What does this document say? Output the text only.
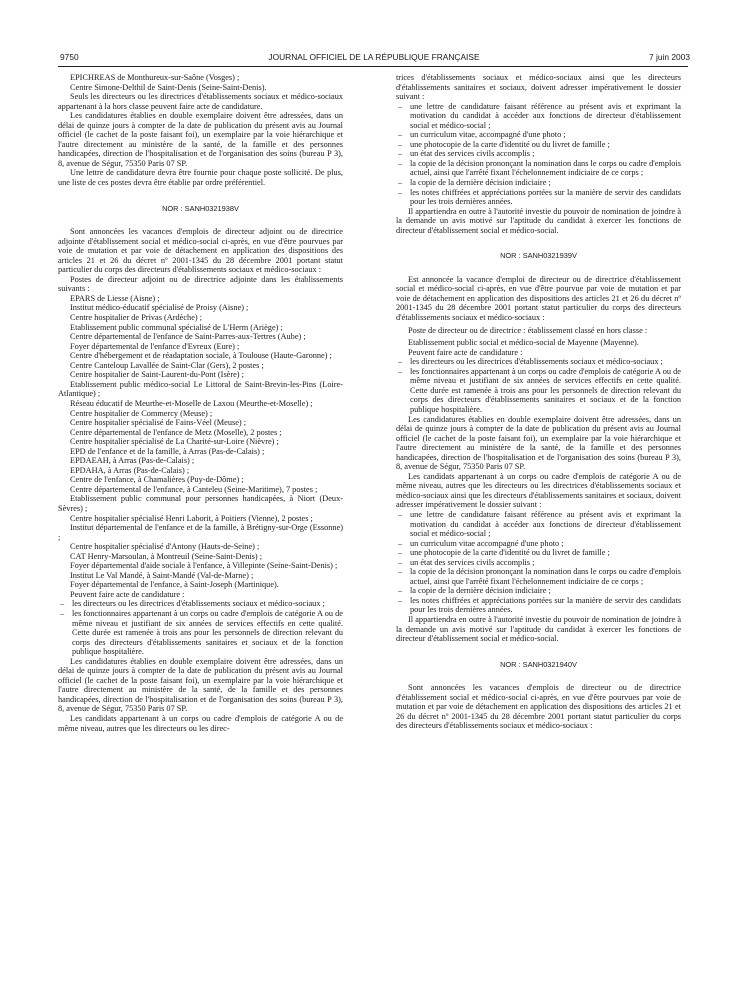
9750	JOURNAL OFFICIEL DE LA RÉPUBLIQUE FRANÇAISE	7 juin 2003

EPICHREAS de Monthureux-sur-Saône (Vosges) ;

Centre Simone-Delthil de Saint-Denis (Seine-Saint-Denis).

Seuls les directeurs ou les directrices d'établissements sociaux et médico-sociaux appartenant à la hors classe peuvent faire acte de candidature.

Les candidatures établies en double exemplaire doivent être adressées, dans un délai de quinze jours à compter de la date de publication du présent avis au Journal officiel (le cachet de la poste faisant foi), un exemplaire par la voie hiérarchique et l'autre directement au ministère de la santé, de la famille et des personnes handicapées, direction de l'hospitalisation et de l'organisation des soins (bureau P 3), 8, avenue de Ségur, 75350 Paris 07 SP.

Une lettre de candidature devra être fournie pour chaque poste sollicité. De plus, une liste de ces postes devra être établie par ordre préférentiel.

NOR : SANH0321938V

Sont annoncées les vacances d'emplois de directeur adjoint ou de directrice adjointe d'établissement social et médico-social ci-après, en vue d'être pourvues par voie de mutation et par voie de détachement en application des dispositions des articles 21 et 26 du décret nº 2001-1345 du 28 décembre 2001 portant statut particulier du corps des directeurs d'établissements sociaux et médico-sociaux :

Postes de directeur adjoint ou de directrice adjointe dans les établissements suivants :

EPARS de Liesse (Aisne) ;

Institut médico-éducatif spécialisé de Proisy (Aisne) ;

Centre hospitalier de Privas (Ardèche) ;

Etablissement public communal spécialisé de L'Herm (Ariège) ;

Centre départemental de l'enfance de Saint-Parres-aux-Tertres (Aube) ;

Foyer départemental de l'enfance d'Evreux (Eure) ;

Centre d'hébergement et de réadaptation sociale, à Toulouse (Haute-Garonne) ;

Centre Canteloup Lavallée de Saint-Clar (Gers), 2 postes ;

Centre hospitalier de Saint-Laurent-du-Pont (Isère) ;

Etablissement public médico-social Le Littoral de Saint-Brevin-les-Pins (Loire-Atlantique) ;

Réseau éducatif de Meurthe-et-Moselle de Laxou (Meurthe-et-Moselle) ;

Centre hospitalier de Commercy (Meuse) ;

Centre hospitalier spécialisé de Fains-Véel (Meuse) ;

Centre départemental de l'enfance de Metz (Moselle), 2 postes ;

Centre hospitalier spécialisé de La Charité-sur-Loire (Nièvre) ;

EPD de l'enfance et de la famille, à Arras (Pas-de-Calais) ;

EPDAEAH, à Arras (Pas-de-Calais) ;

EPDAHA, à Arras (Pas-de-Calais) ;

Centre de l'enfance, à Chamalières (Puy-de-Dôme) ;

Centre départemental de l'enfance, à Canteleu (Seine-Maritime), 7 postes ;

Etablissement public communal pour personnes handicapées, à Niort (Deux-Sèvres) ;

Centre hospitalier spécialisé Henri Laborit, à Poitiers (Vienne), 2 postes ;

Institut départemental de l'enfance et de la famille, à Brétigny-sur-Orge (Essonne) ;

Centre hospitalier spécialisé d'Antony (Hauts-de-Seine) ;

CAT Henry-Marsoulan, à Montreuil (Seine-Saint-Denis) ;

Foyer départemental d'aide sociale à l'enfance, à Villepinte (Seine-Saint-Denis) ;

Institut Le Val Mandé, à Saint-Mandé (Val-de-Marne) ;

Foyer départemental de l'enfance, à Saint-Joseph (Martinique).

Peuvent faire acte de candidature :

– les directeurs ou les directrices d'établissements sociaux et médico-sociaux ;
– les fonctionnaires appartenant à un corps ou cadre d'emplois de catégorie A ou de même niveau et justifiant de six années de services effectifs en cette qualité. Cette durée est ramenée à trois ans pour les personnels de direction relevant du corps des directeurs d'établissements sanitaires et sociaux et de la fonction publique hospitalière.

Les candidatures établies en double exemplaire doivent être adressées, dans un délai de quinze jours à compter de la date de publication du présent avis au Journal officiel (le cachet de la poste faisant foi), un exemplaire par la voie hiérarchique et l'autre directement au ministère de la santé, de la famille et des personnes handicapées, direction de l'hospitalisation et de l'organisation des soins (bureau P 3), 8, avenue de Ségur, 75350 Paris 07 SP.

Les candidats appartenant à un corps ou cadre d'emplois de catégorie A ou de même niveau, autres que les directeurs ou les direc-

trices d'établissements sociaux et médico-sociaux ainsi que les directeurs d'établissements sanitaires et sociaux, doivent adresser impérativement le dossier suivant :

– une lettre de candidature faisant référence au présent avis et exprimant la motivation du candidat à accéder aux fonctions de directeur d'établissement social et médico-social ;
– un curriculum vitae, accompagné d'une photo ;
– une photocopie de la carte d'identité ou du livret de famille ;
– un état des services civils accomplis ;
– la copie de la décision prononçant la nomination dans le corps ou cadre d'emplois actuel, ainsi que l'arrêté fixant l'échelonnement indiciaire de ce corps ;
– la copie de la dernière décision indiciaire ;
– les notes chiffrées et appréciations portées sur la manière de servir des candidats pour les trois dernières années.

Il appartiendra en outre à l'autorité investie du pouvoir de nomination de joindre à la demande un avis motivé sur l'aptitude du candidat à exercer les fonctions de directeur d'établissement social et médico-social.

NOR : SANH0321939V

Est annoncée la vacance d'emploi de directeur ou de directrice d'établissement social et médico-social ci-après, en vue d'être pourvue par voie de mutation et par voie de détachement en application des dispositions des articles 21 et 26 du décret nº 2001-1345 du 28 décembre 2001 portant statut particulier du corps des directeurs d'établissements sociaux et médico-sociaux :

Poste de directeur ou de directrice : établissement classé en hors classe :

Etablissement public social et médico-social de Mayenne (Mayenne).

Peuvent faire acte de candidature :

– les directeurs ou les directrices d'établissements sociaux et médico-sociaux ;
– les fonctionnaires appartenant à un corps ou cadre d'emplois de catégorie A ou de même niveau et justifiant de six années de services effectifs en cette qualité. Cette durée est ramenée à trois ans pour les personnels de direction relevant du corps des directeurs d'établissements sanitaires et sociaux et de la fonction publique hospitalière.

Les candidatures établies en double exemplaire doivent être adressées, dans un délai de quinze jours à compter de la date de publication du présent avis au Journal officiel (le cachet de la poste faisant foi), un exemplaire par la voie hiérarchique et l'autre directement au ministère de la santé, de la famille et des personnes handicapées, direction de l'hospitalisation et de l'organisation des soins (bureau P 3), 8, avenue de Ségur, 75350 Paris 07 SP.

Les candidats appartenant à un corps ou cadre d'emplois de catégorie A ou de même niveau, autres que les directeurs ou les directrices d'établissements sociaux et médico-sociaux ainsi que les directeurs d'établissements sanitaires et sociaux, doivent adresser impérativement le dossier suivant :

– une lettre de candidature faisant référence au présent avis et exprimant la motivation du candidat à accéder aux fonctions de directeur d'établissement social et médico-social ;
– un curriculum vitae accompagné d'une photo ;
– une photocopie de la carte d'identité ou du livret de famille ;
– un état des services civils accomplis ;
– la copie de la décision prononçant la nomination dans le corps ou cadre d'emplois actuel, ainsi que l'arrêté fixant l'échelonnement indiciaire de ce corps ;
– la copie de la dernière décision indiciaire ;
– les notes chiffrées et appréciations portées sur la manière de servir des candidats pour les trois dernières années.

Il appartiendra en outre à l'autorité investie du pouvoir de nomination de joindre à la demande un avis motivé sur l'aptitude du candidat à exercer les fonctions de directeur d'établissement social et médico-social.

NOR : SANH0321940V

Sont annoncées les vacances d'emplois de directeur ou de directrice d'établissement social et médico-social ci-après, en vue d'être pourvues par voie de mutation et par voie de détachement en application des dispositions des articles 21 et 26 du décret nº 2001-1345 du 28 décembre 2001 portant statut particulier du corps des directeurs d'établissements sociaux et médico-sociaux :
